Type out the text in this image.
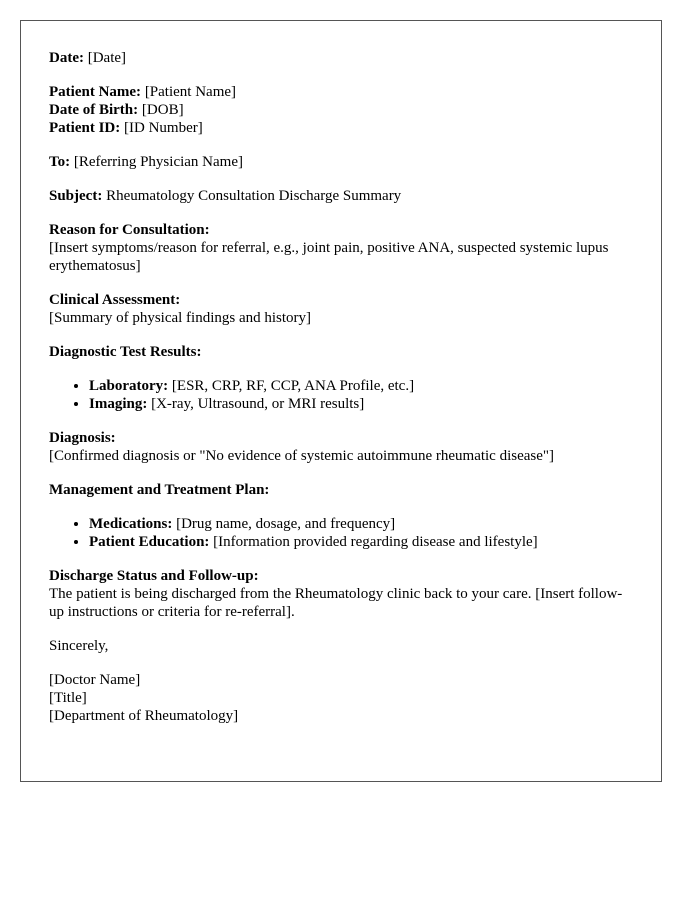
Date: [Date]

Patient Name: [Patient Name]
Date of Birth: [DOB]
Patient ID: [ID Number]

To: [Referring Physician Name]

Subject: Rheumatology Consultation Discharge Summary

Reason for Consultation:
[Insert symptoms/reason for referral, e.g., joint pain, positive ANA, suspected systemic lupus erythematosus]

Clinical Assessment:
[Summary of physical findings and history]

Diagnostic Test Results:

• Laboratory: [ESR, CRP, RF, CCP, ANA Profile, etc.]
• Imaging: [X-ray, Ultrasound, or MRI results]

Diagnosis:
[Confirmed diagnosis or "No evidence of systemic autoimmune rheumatic disease"]

Management and Treatment Plan:

• Medications: [Drug name, dosage, and frequency]
• Patient Education: [Information provided regarding disease and lifestyle]

Discharge Status and Follow-up:
The patient is being discharged from the Rheumatology clinic back to your care. [Insert follow-up instructions or criteria for re-referral].

Sincerely,

[Doctor Name]
[Title]
[Department of Rheumatology]
